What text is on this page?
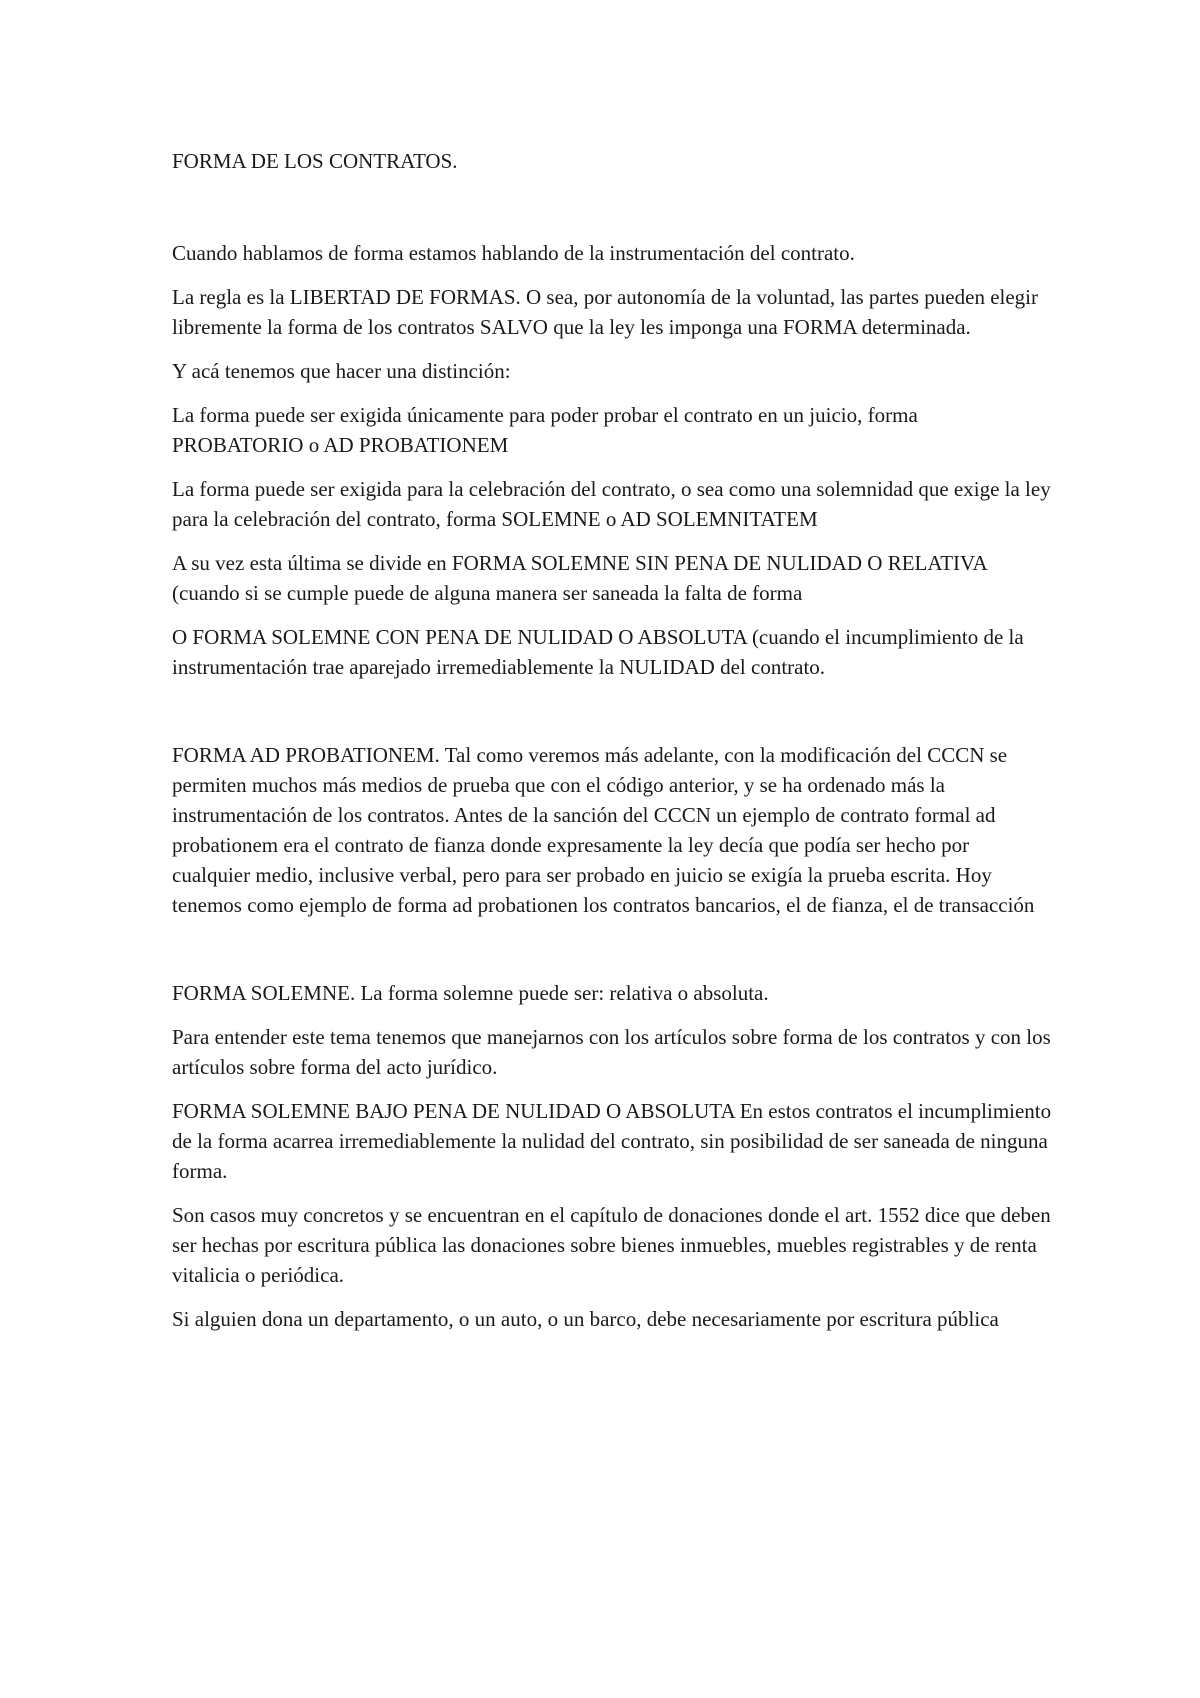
FORMA DE LOS CONTRATOS.

Cuando hablamos de forma estamos hablando de la instrumentación del contrato.

La regla es la LIBERTAD DE FORMAS. O sea, por autonomía de la voluntad, las partes pueden elegir libremente la forma de los contratos SALVO que la ley les imponga una FORMA determinada.

Y acá tenemos que hacer una distinción:

La forma puede ser exigida únicamente para poder probar el contrato en un juicio, forma PROBATORIO o AD PROBATIONEM

La forma puede ser exigida para la celebración del contrato, o sea como una solemnidad que exige la ley para la celebración del contrato, forma SOLEMNE o AD SOLEMNITATEM

A su vez esta última se divide en FORMA SOLEMNE SIN PENA DE NULIDAD O RELATIVA (cuando si se cumple puede de alguna manera ser saneada la falta de forma

O FORMA SOLEMNE CON PENA DE NULIDAD O ABSOLUTA (cuando el incumplimiento de la instrumentación trae aparejado irremediablemente la NULIDAD del contrato.

FORMA AD PROBATIONEM. Tal como veremos más adelante, con la modificación del CCCN se permiten muchos más medios de prueba que con el código anterior, y se ha ordenado más la instrumentación de los contratos. Antes de la sanción del CCCN un ejemplo de contrato formal ad probationem era el contrato de fianza donde expresamente la ley decía que podía ser hecho por cualquier medio, inclusive verbal, pero para ser probado en juicio se exigía la prueba escrita. Hoy tenemos como ejemplo de forma ad probationen los contratos bancarios, el de fianza, el de transacción

FORMA SOLEMNE. La forma solemne puede ser: relativa o absoluta.

Para entender este tema tenemos que manejarnos con los artículos sobre forma de los contratos y con los artículos sobre forma del acto jurídico.

FORMA SOLEMNE BAJO PENA DE NULIDAD O ABSOLUTA En estos contratos el incumplimiento de la forma acarrea irremediablemente la nulidad del contrato, sin posibilidad de ser saneada de ninguna forma.

Son casos muy concretos y se encuentran en el capítulo de donaciones donde el art. 1552 dice que deben ser hechas por escritura pública las donaciones sobre bienes inmuebles, muebles registrables y de renta vitalicia o periódica.

Si alguien dona un departamento, o un auto, o un barco, debe necesariamente por escritura pública
